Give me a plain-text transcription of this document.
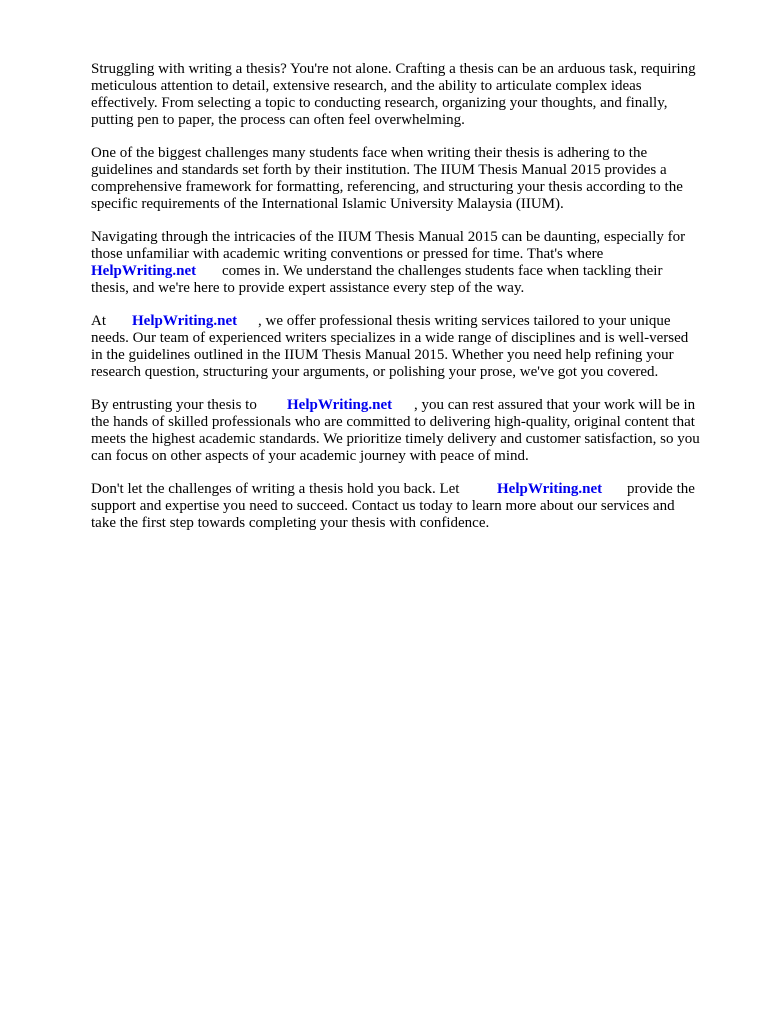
Struggling with writing a thesis? You're not alone. Crafting a thesis can be an arduous task, requiring
meticulous attention to detail, extensive research, and the ability to articulate complex ideas
effectively. From selecting a topic to conducting research, organizing your thoughts, and finally,
putting pen to paper, the process can often feel overwhelming.
One of the biggest challenges many students face when writing their thesis is adhering to the
guidelines and standards set forth by their institution. The IIUM Thesis Manual 2015 provides a
comprehensive framework for formatting, referencing, and structuring your thesis according to the
specific requirements of the International Islamic University Malaysia (IIUM).
Navigating through the intricacies of the IIUM Thesis Manual 2015 can be daunting, especially for
those unfamiliar with academic writing conventions or pressed for time. That's where
HelpWriting.net comes in. We understand the challenges students face when tackling their
thesis, and we're here to provide expert assistance every step of the way.
At HelpWriting.net , we offer professional thesis writing services tailored to your unique
needs. Our team of experienced writers specializes in a wide range of disciplines and is well-versed
in the guidelines outlined in the IIUM Thesis Manual 2015. Whether you need help refining your
research question, structuring your arguments, or polishing your prose, we've got you covered.
By entrusting your thesis to HelpWriting.net , you can rest assured that your work will be in
the hands of skilled professionals who are committed to delivering high-quality, original content that
meets the highest academic standards. We prioritize timely delivery and customer satisfaction, so you
can focus on other aspects of your academic journey with peace of mind.
Don't let the challenges of writing a thesis hold you back. Let	HelpWriting.net provide the
support and expertise you need to succeed. Contact us today to learn more about our services and
take the first step towards completing your thesis with confidence.
